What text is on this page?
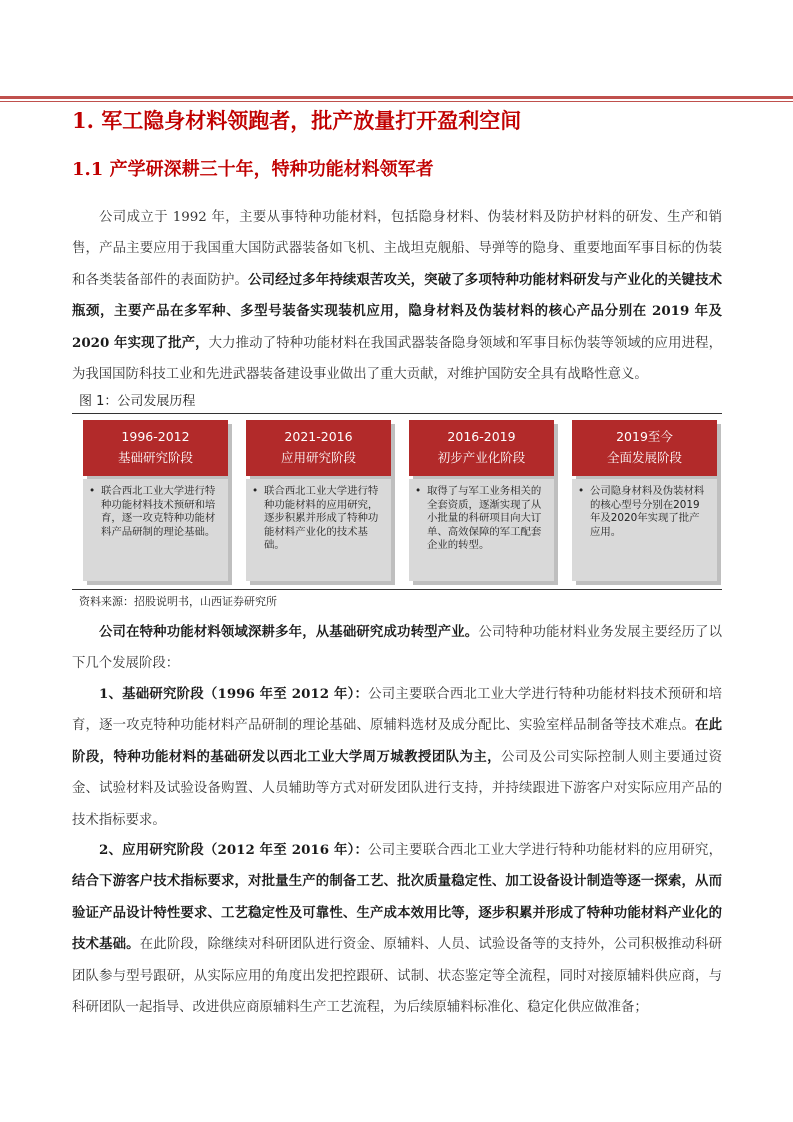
1. 军工隐身材料领跑者，批产放量打开盈利空间
1.1 产学研深耕三十年，特种功能材料领军者

公司成立于 1992 年，主要从事特种功能材料，包括隐身材料、伪装材料及防护材料的研发、生产和销售，产品主要应用于我国重大国防武器装备如飞机、主战坦克舰船、导弹等的隐身、重要地面军事目标的伪装和各类装备部件的表面防护。公司经过多年持续艰苦攻关，突破了多项特种功能材料研发与产业化的关键技术瓶颈，主要产品在多军种、多型号装备实现装机应用，隐身材料及伪装材料的核心产品分别在 2019 年及 2020 年实现了批产，大力推动了特种功能材料在我国武器装备隐身领域和军事目标伪装等领域的应用进程，为我国国防科技工业和先进武器装备建设事业做出了重大贡献，对维护国防安全具有战略性意义。

图 1：公司发展历程

1996-2012
基础研究阶段
• 联合西北工业大学进行特种功能材料技术预研和培育，逐一攻克特种功能材料产品研制的理论基础。
2021-2016
应用研究阶段
• 联合西北工业大学进行特种功能材料的应用研究，逐步积累并形成了特种功能材料产业化的技术基础。
2016-2019
初步产业化阶段
• 取得了与军工业务相关的全套资质，逐渐实现了从小批量的科研项目向大订单、高效保障的军工配套企业的转型。
2019至今
全面发展阶段
• 公司隐身材料及伪装材料的核心型号分别在2019年及2020年实现了批产应用。

资料来源：招股说明书，山西证券研究所

公司在特种功能材料领域深耕多年，从基础研究成功转型产业。公司特种功能材料业务发展主要经历了以下几个发展阶段：

1、基础研究阶段（1996 年至 2012 年）：公司主要联合西北工业大学进行特种功能材料技术预研和培育，逐一攻克特种功能材料产品研制的理论基础、原辅料选材及成分配比、实验室样品制备等技术难点。在此阶段，特种功能材料的基础研发以西北工业大学周万城教授团队为主，公司及公司实际控制人则主要通过资金、试验材料及试验设备购置、人员辅助等方式对研发团队进行支持，并持续跟进下游客户对实际应用产品的技术指标要求。

2、应用研究阶段（2012 年至 2016 年）：公司主要联合西北工业大学进行特种功能材料的应用研究，结合下游客户技术指标要求，对批量生产的制备工艺、批次质量稳定性、加工设备设计制造等逐一探索，从而验证产品设计特性要求、工艺稳定性及可靠性、生产成本效用比等，逐步积累并形成了特种功能材料产业化的技术基础。在此阶段，除继续对科研团队进行资金、原辅料、人员、试验设备等的支持外，公司积极推动科研团队参与型号跟研，从实际应用的角度出发把控跟研、试制、状态鉴定等全流程，同时对接原辅料供应商，与科研团队一起指导、改进供应商原辅料生产工艺流程，为后续原辅料标准化、稳定化供应做准备；
